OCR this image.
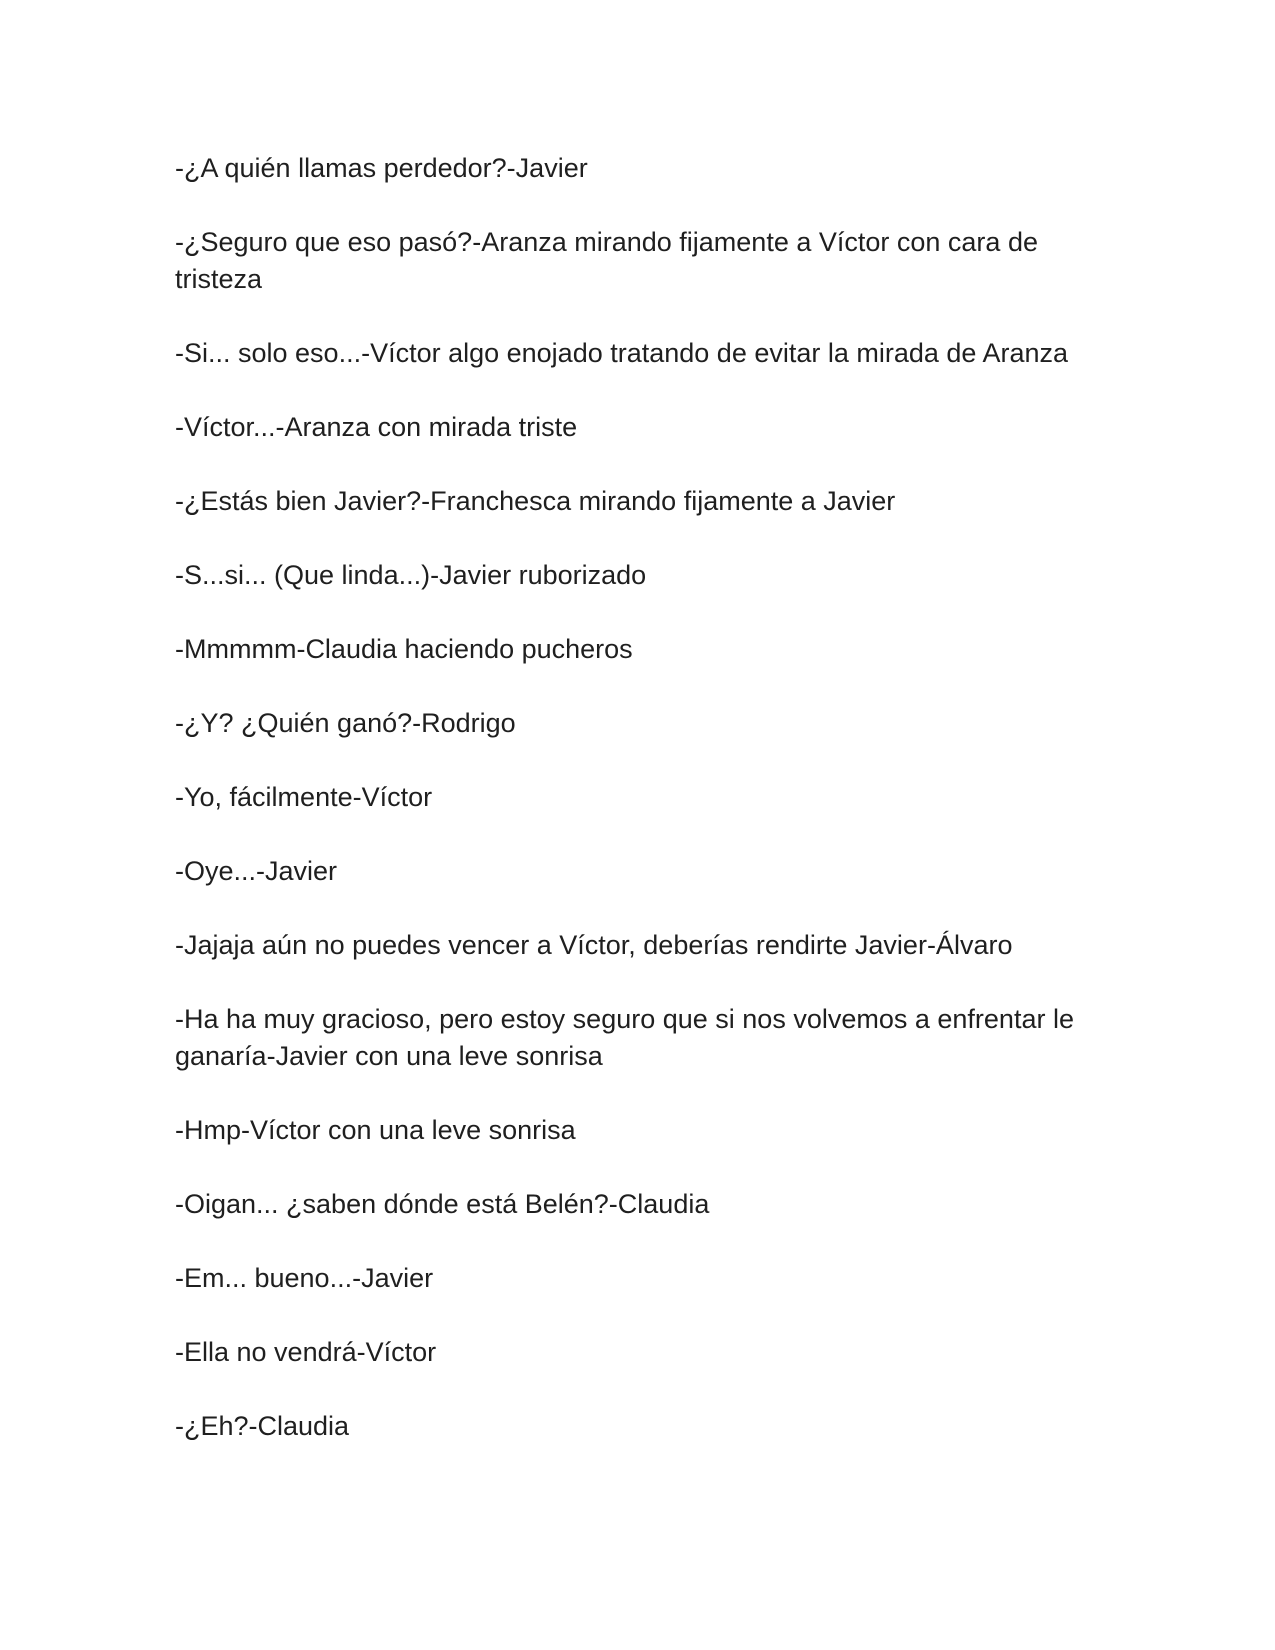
-¿A quién llamas perdedor?-Javier

-¿Seguro que eso pasó?-Aranza mirando fijamente a Víctor con cara de tristeza

-Si... solo eso...-Víctor algo enojado tratando de evitar la mirada de Aranza

-Víctor...-Aranza con mirada triste

-¿Estás bien Javier?-Franchesca mirando fijamente a Javier

-S...si... (Que linda...)-Javier ruborizado

-Mmmmm-Claudia haciendo pucheros

-¿Y? ¿Quién ganó?-Rodrigo

-Yo, fácilmente-Víctor

-Oye...-Javier

-Jajaja aún no puedes vencer a Víctor, deberías rendirte Javier-Álvaro

-Ha ha muy gracioso, pero estoy seguro que si nos volvemos a enfrentar le ganaría-Javier con una leve sonrisa

-Hmp-Víctor con una leve sonrisa

-Oigan... ¿saben dónde está Belén?-Claudia

-Em... bueno...-Javier

-Ella no vendrá-Víctor

-¿Eh?-Claudia
